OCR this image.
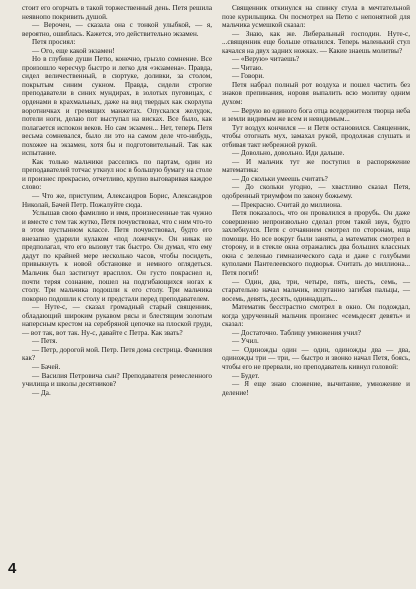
стоит его огорчать в такой торжественный день. Петя решила неявнопо покривить душой.

— Верочен, — сказала она с тонкой улыбкой, — я, вероятно, ошиблась. Кажется, это действительно экзамен.

Петя просиял:

— Ого, еще какой экзамен!

Но в глубине души Петю, конечно, грызло сомнение. Все произошло чересчур быстро и легко для «экзамена». Правда, сидел величественный, в сюртуке, доливки, за столом, покрытым синим сукном. Правда, сидели строгие преподаватели в синих мундирах, в золотых пуговицах, с орденами в крахмальных, даже на вид твердых как скорлупа воротничках и гремящих манжетах. Опускался желудок, потели ноги, делаю пот выступал на висках. Все было, как полагается испокон веков. Но сам экзамен... Нет, теперь Петя весьма сомневался, было ли это на самом деле что-нибудь, похожее на экзамен, хотя бы и подготовительный. Так как испытание.

Как только мальчики расселись по партам, один из преподавателей тотчас уткнул нос в большую бумагу на столе и произнес прекрасно, отчетливо, крупно выговаривая каждое слово:

— Что же, приступим, Александров Борис, Александров Николай, Бачей Петр. Пожалуйте сюда.

Услышав свою фамилию и имя, произнесенные так чужно и вместе с тем так жутко, Петя почувствовал, что с ним что-то в этом пустынном классе. Петя почувствовал, будто его внезапно ударили кулаком «под ложечку». Он никак не предполагал, что его вызовут так быстро. Он думал, что ему дадут по крайней мере несколько часов, чтобы посидеть, привыкнуть к новой обстановке и немного оглядеться. Мальчик был застигнут врасплох. Он густо покраснел и, почти теряя сознание, пошел на подгибающихся ногах к столу. Три мальчика подошли к его столу. Три мальчика покорно подошли к столу и предстали перед преподавателем.

— Нуте-с, — сказал громадный старый священник, обладающий широким рукавом рясы и блестящим золотым наперсным крестом на серебряной цепочке на плоской груди, — вот так, вот так. Ну-с, давайте с Петра. Как звать?

— Петя.

— Петр, дорогой мой. Петр. Петя дома сестрица. Фамилия как?

— Бачей.

— Василия Петровича сын? Преподавателя ремесленного училища и школы десятников?

— Да.

Священник откинулся на спинку стула в мечтательной позе курильщика. Он посмотрел на Петю с непонятной для мальчика усмешкой сказал:

— Знаю, как же. Либеральный господин. Нуте-с, ...священник еще больше отвалился. Теперь маленький стул качался на двух задних ножках. — Какие знаешь молитвы?

— «Верую» читаешь?

— Читаю.

— Говори.

Петя набрал полный рот воздуха и пошел частить без знаков препинания, норовя выпалить всю молитву одним духом:

— Верую во единого бога отца вседержителя творца неба и земли видимым же всем и невидимым...

Тут воздух кончился — и Петя остановился. Священник, чтобы отогнать мух, замахал рукой, продолжая слушать и отбивая такт небрежной рукой.

— Довольно, довольно. Иди дальше.

— И мальчик тут же поступил в распоряжение математика:

— До скольки умеешь считать?

— До скольки угодно, — хвастливо сказал Петя, одобренный триумфом по закону божьему.

— Прекрасно. Считай до миллиона.

Петя показалось, что он провалился в прорубь. Он даже совершенно непроизвольно сделал ртом такой звук, будто захлебнулся. Петя с отчаянием смотрел по сторонам, ища помощи. Но все вокруг были заняты, а математик смотрел в сторону, и в стекле окна отражались два больших классных окна с зеленью гимназического сада и даже с голубыми куполами Пантелеевского подворья. Считать до миллиона... Петя погиб!

— Один, два, три, четыре, пять, шесть, семь, — старательно начал мальчик, испуганно загибая пальцы, — восемь, девять, десять, одиннадцать...

Математик бесстрастно смотрел в окно. Он подождал, когда удрученный мальчик произнес «семьдесят девять» и сказал:

— Достаточно. Таблицу умножения учил?

— Учил.

— Одиножды один — один, одиножды два — два, одиножды три — три, — быстро и звонко начал Петя, боясь, чтобы его не прервали, но преподаватель кивнул головой:

— Будет.

— Я еще знаю сложение, вычитание, умножение и деление!

4
